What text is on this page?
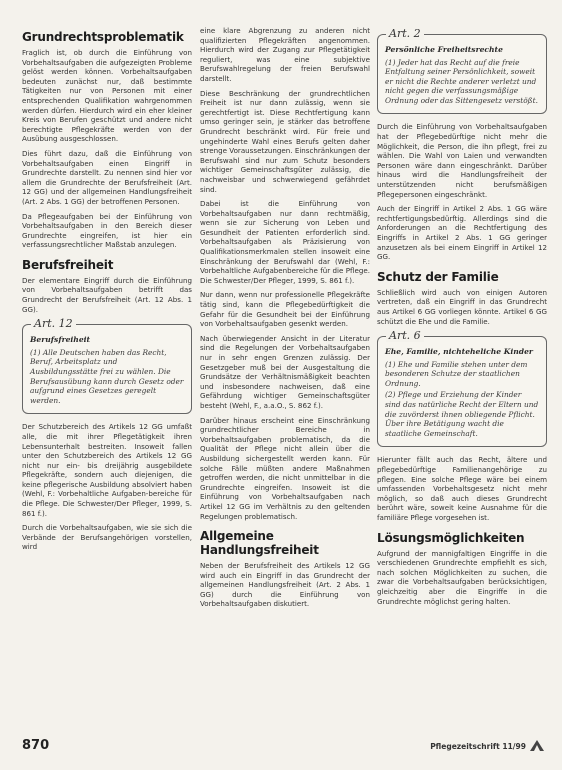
Grundrechtsproblematik

Fraglich ist, ob durch die Einführung von Vorbehaltsaufgaben die aufgezeigten Probleme gelöst werden können. Vorbehaltsaufgaben bedeuten zunächst nur, daß bestimmte Tätigkeiten nur von Personen mit einer entsprechenden Qualifikation wahrgenommen werden dürfen. Hierdurch wird ein eher kleiner Kreis von Berufen geschützt und andere nicht berechtigte Pflegekräfte werden von der Ausübung ausgeschlossen.

Dies führt dazu, daß die Einführung von Vorbehaltsaufgaben einen Eingriff in Grundrechte darstellt. Zu nennen sind hier vor allem die Grundrechte der Berufsfreiheit (Art. 12 GG) und der allgemeinen Handlungsfreiheit (Art. 2 Abs. 1 GG) der betroffenen Personen.

Da Pflegeaufgaben bei der Einführung von Vorbehaltsaufgaben in den Bereich dieser Grundrechte eingreifen, ist hier ein verfassungsrechtlicher Maßstab anzulegen.

Berufsfreiheit

Der elementare Eingriff durch die Einführung von Vorbehaltsaufgaben betrifft das Grundrecht der Berufsfreiheit (Art. 12 Abs. 1 GG).

Art. 12
Berufsfreiheit
(1) Alle Deutschen haben das Recht, Beruf, Arbeitsplatz und Ausbildungsstätte frei zu wählen. Die Berufsausübung kann durch Gesetz oder aufgrund eines Gesetzes geregelt werden.

Der Schutzbereich des Artikels 12 GG umfaßt alle, die mit ihrer Pflegetätigkeit ihren Lebensunterhalt bestreiten. Insoweit fallen unter den Schutzbereich des Artikels 12 GG nicht nur ein- bis dreijährig ausgebildete Pflegekräfte, sondern auch diejenigen, die keine pflegerische Ausbildung absolviert haben (Wehl, F.: Vorbehaltliche Aufgaben-bereiche für die Pflege. Die Schwester/Der Pfleger, 1999, S. 861 f.).

Durch die Vorbehaltsaufgaben, wie sie sich die Verbände der Berufsangehörigen vorstellen, wird

eine klare Abgrenzung zu anderen nicht qualifizierten Pflegekräften angenommen. Hierdurch wird der Zugang zur Pflegetätigkeit reguliert, was eine subjektive Berufswahlregelung der freien Berufswahl darstellt.

Diese Beschränkung der grundrechtlichen Freiheit ist nur dann zulässig, wenn sie gerechtfertigt ist. Diese Rechtfertigung kann umso geringer sein, je stärker das betroffene Grundrecht beschränkt wird. Für freie und ungehinderte Wahl eines Berufs gelten daher strenge Voraussetzungen. Einschränkungen der Berufswahl sind nur zum Schutz besonders wichtiger Gemeinschaftsgüter zulässig, die nachweisbar und schwerwiegend gefährdet sind.

Dabei ist die Einführung von Vorbehaltsaufgaben nur dann rechtmäßig, wenn sie zur Sicherung von Leben und Gesundheit der Patienten erforderlich sind. Vorbehaltsaufgaben als Präzisierung von Qualifikationsmerkmalen stellen insoweit eine Einschränkung der Berufswahl dar (Wehl, F.: Vorbehaltliche Aufgabenbereiche für die Pflege. Die Schwester/Der Pfleger, 1999, S. 861 f.).

Nur dann, wenn nur professionelle Pflegekräfte tätig sind, kann die Pflegebedürftigkeit die Gefahr für die Gesundheit bei der Einführung von Vorbehaltsaufgaben gesenkt werden.

Nach überwiegender Ansicht in der Literatur sind die Regelungen der Vorbehaltsaufgaben nur in sehr engen Grenzen zulässig. Der Gesetzgeber muß bei der Ausgestaltung die Grundsätze der Verhältnismäßigkeit beachten und insbesondere nachweisen, daß eine Gefährdung wichtiger Gemeinschaftsgüter besteht (Wehl, F., a.a.O., S. 862 f.).

Darüber hinaus erscheint eine Einschränkung grundrechtlicher Bereiche in Vorbehaltsaufgaben problematisch, da die Qualität der Pflege nicht allein über die Ausbildung sichergestellt werden kann. Für solche Fälle müßten andere Maßnahmen getroffen werden, die nicht unmittelbar in die Grundrechte eingreifen. Insoweit ist die Einführung von Vorbehaltsaufgaben nach Artikel 12 GG im Verhältnis zu den geltenden Regelungen problematisch.

Allgemeine Handlungsfreiheit

Neben der Berufsfreiheit des Artikels 12 GG wird auch ein Eingriff in das Grundrecht der allgemeinen Handlungsfreiheit (Art. 2 Abs. 1 GG) durch die Einführung von Vorbehaltsaufgaben diskutiert.

Art. 2
Persönliche Freiheitsrechte
(1) Jeder hat das Recht auf die freie Entfaltung seiner Persönlichkeit, soweit er nicht die Rechte anderer verletzt und nicht gegen die verfassungsmäßige Ordnung oder das Sittengesetz verstößt.

Durch die Einführung von Vorbehaltsaufgaben hat der Pflegebedürftige nicht mehr die Möglichkeit, die Person, die ihn pflegt, frei zu wählen. Die Wahl von Laien und verwandten Personen wäre dann eingeschränkt. Darüber hinaus wird die Handlungsfreiheit der unterstützenden nicht berufsmäßigen Pflegepersonen eingeschränkt.

Auch der Eingriff in Artikel 2 Abs. 1 GG wäre rechtfertigungsbedürftig. Allerdings sind die Anforderungen an die Rechtfertigung des Eingriffs in Artikel 2 Abs. 1 GG geringer anzusetzen als bei einem Eingriff in Artikel 12 GG.

Schutz der Familie

Schließlich wird auch von einigen Autoren vertreten, daß ein Eingriff in das Grundrecht aus Artikel 6 GG vorliegen könnte. Artikel 6 GG schützt die Ehe und die Familie.

Art. 6
Ehe, Familie, nichteheliche Kinder
(1) Ehe und Familie stehen unter dem besonderen Schutze der staatlichen Ordnung.
(2) Pflege und Erziehung der Kinder sind das natürliche Recht der Eltern und die zuvörderst ihnen obliegende Pflicht. Über ihre Betätigung wacht die staatliche Gemeinschaft.

Hierunter fällt auch das Recht, ältere und pflegebedürftige Familienangehörige zu pflegen. Eine solche Pflege wäre bei einem umfassenden Vorbehaltsgesetz nicht mehr möglich, so daß auch dieses Grundrecht berührt wäre, soweit keine Ausnahme für die familiäre Pflege vorgesehen ist.

Lösungsmöglichkeiten

Aufgrund der mannigfaltigen Eingriffe in die verschiedenen Grundrechte empfiehlt es sich, nach solchen Möglichkeiten zu suchen, die zwar die Vorbehaltsaufgaben berücksichtigen, gleichzeitig aber die Eingriffe in die Grundrechte möglichst gering halten.

870	Pflegezeitschrift 11/99
